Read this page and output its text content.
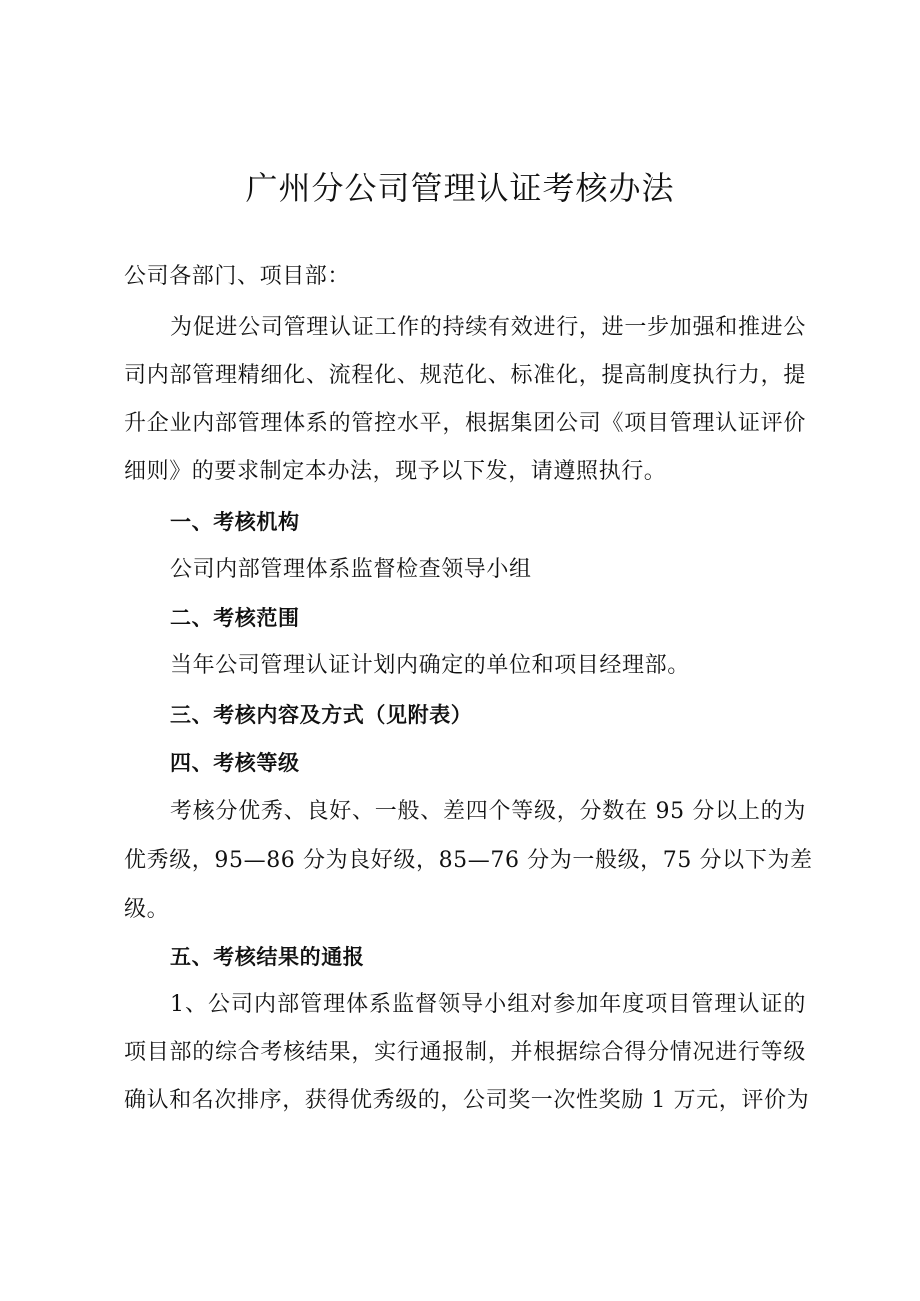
广州分公司管理认证考核办法
公司各部门、项目部：
为促进公司管理认证工作的持续有效进行，进一步加强和推进公
司内部管理精细化、流程化、规范化、标准化，提高制度执行力，提
升企业内部管理体系的管控水平，根据集团公司《项目管理认证评价
细则》的要求制定本办法，现予以下发，请遵照执行。
一、考核机构
公司内部管理体系监督检查领导小组
二、考核范围
当年公司管理认证计划内确定的单位和项目经理部。
三、考核内容及方式（见附表）
四、考核等级
考核分优秀、良好、一般、差四个等级，分数在 95 分以上的为
优秀级，95—86 分为良好级，85—76 分为一般级，75 分以下为差
级。
五、考核结果的通报
1、公司内部管理体系监督领导小组对参加年度项目管理认证的
项目部的综合考核结果，实行通报制，并根据综合得分情况进行等级
确认和名次排序，获得优秀级的，公司奖一次性奖励 1 万元，评价为
